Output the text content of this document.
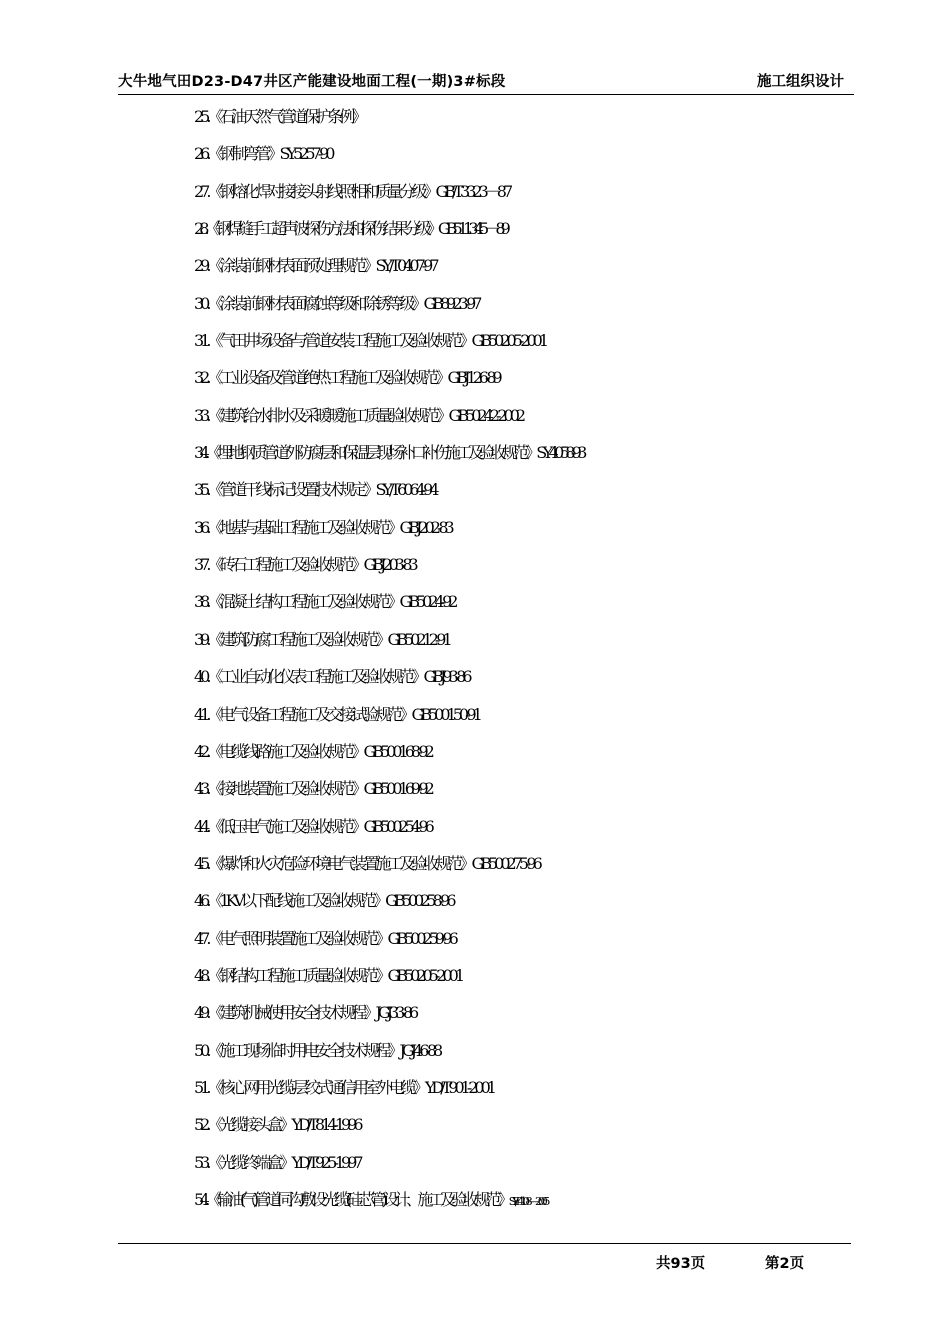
大牛地气田D23-D47井区产能建设地面工程(一期)3#标段	施工组织设计
25.《石油天然气管道保护条例》
26.《钢制弯管》SY5257-90
27.《钢熔化焊对接接头射线照相和质量分级》GB/T3323－87
28.《钢焊缝手工超声波探伤方法和探伤结果分级》GB511345－89
29.《涂装前钢材表面预处理规范》SY/T0407-97
30.《涂装前钢材表面腐蚀等级和除锈等级》GB8923-97
31.《气田井场设备与管道安装工程施工及验收规范》GB50205-2001
32.《工业设备及管道绝热工程施工及验收规范》GBJ126-89
33.《建筑给水排水及采暖 暖施工质量验收规范》GB50242-2002
34.《埋地钢质管道外防腐层和保温层现场补口补伤施工及验收规范》SY4058-93
35.《管道干线标记设置技术规定》SY/T6064-94
36.《地基与基础工程施工及验收规范》GBJ202-83
37.《砖石工程施工及验收规范》GBJ203-83
38.《混凝土结构工程施工及验收规范》GB5024-92
39.《建筑防腐工程施工及验收规范》GB50212-91
40.《工业自动化仪表工程施工及验收规范》GBJ93-86
41.《电气设备工程施工及交接试验规范》GB500150-91
42.《电缆线路施工及验收规范》GB500168-92
43.《接地装置施工及验收规范》GB500169-92
44.《低压电气施工及验收规范》GB500254-96
45.《爆炸和火灾危险环境电气装置施工及验收规范》GB500275-96
46.《1KV以下配线施工及验收规范》GB500258-96
47.《电气照明装置施工及验收规范》GB500259-96
48.《钢结构工程施工质量验收规范》GB50205-2001
49.《建筑机械使用安全技术规程》JGJ33-86
50.《施工现场临时用电安全技术规程》JGJ46-88
51.《核心网用光缆-层绞式通信用室外电缆》YD/T901-2001
52.《光缆接头盒》YD/T814-1996
53.《光缆终端盒》YD/T925-1997
54.《输油(气)管道同沟敷设光缆(硅芯管)设计、施工及验收规范》SY/T4108—2005
共93页	第2页
